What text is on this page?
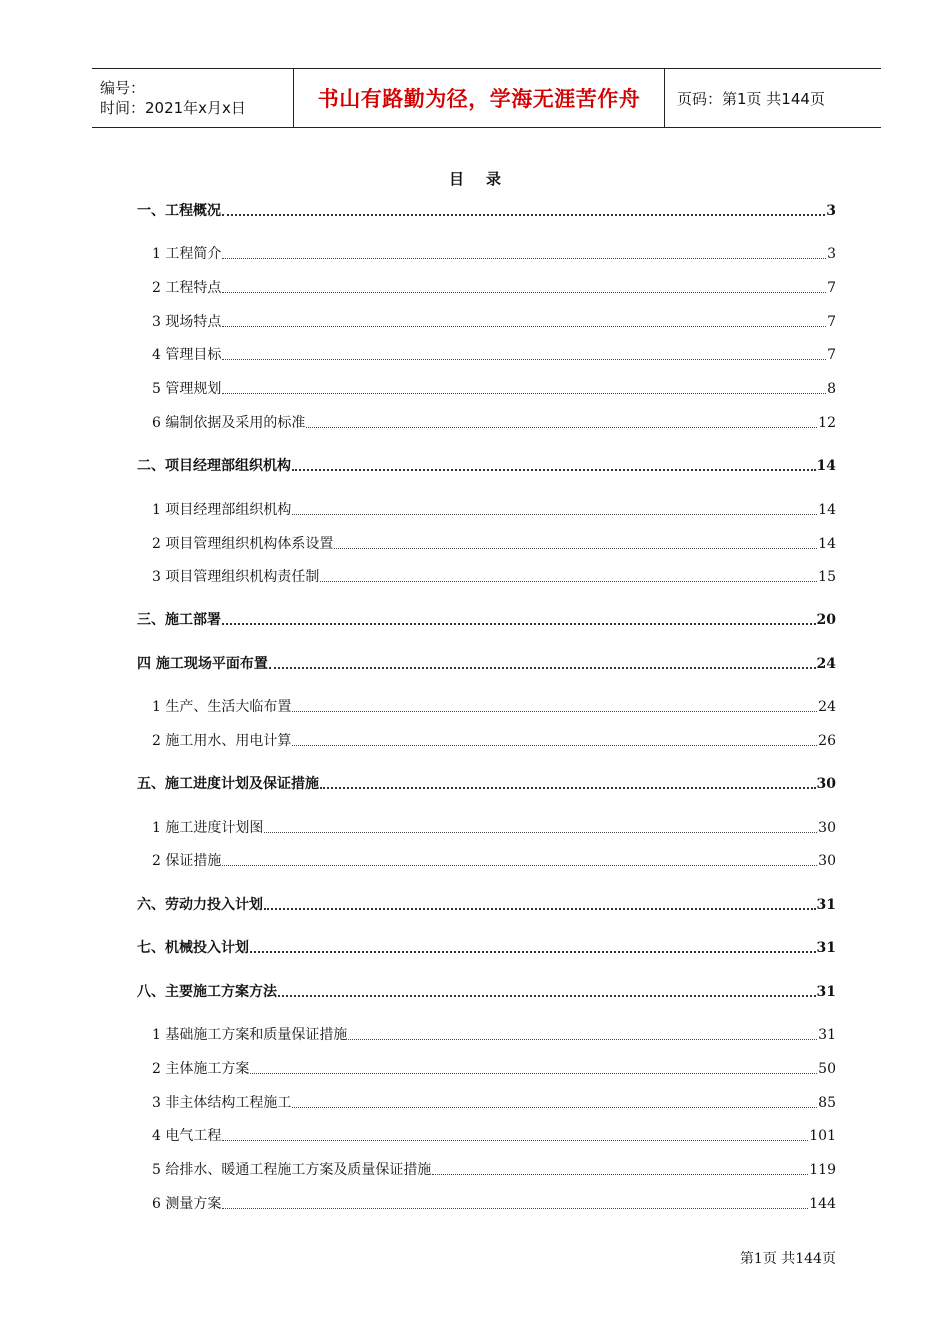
编号：
时间：2021年x月x日	书山有路勤为径，学海无涯苦作舟	页码：第1页 共144页
目录
一、工程概况	3
1 工程简介	3
2 工程特点	7
3 现场特点	7
4 管理目标	7
5 管理规划	8
6 编制依据及采用的标准	12
二、项目经理部组织机构	14
1 项目经理部组织机构	14
2 项目管理组织机构体系设置	14
3 项目管理组织机构责任制	15
三、施工部署	20
四 施工现场平面布置	24
1 生产、生活大临布置	24
2 施工用水、用电计算	26
五、施工进度计划及保证措施	30
1 施工进度计划图	30
2 保证措施	30
六、劳动力投入计划	31
七、机械投入计划	31
八、主要施工方案方法	31
1 基础施工方案和质量保证措施	31
2 主体施工方案	50
3 非主体结构工程施工	85
4 电气工程	101
5 给排水、暖通工程施工方案及质量保证措施	119
6 测量方案	144
第1页 共144页
